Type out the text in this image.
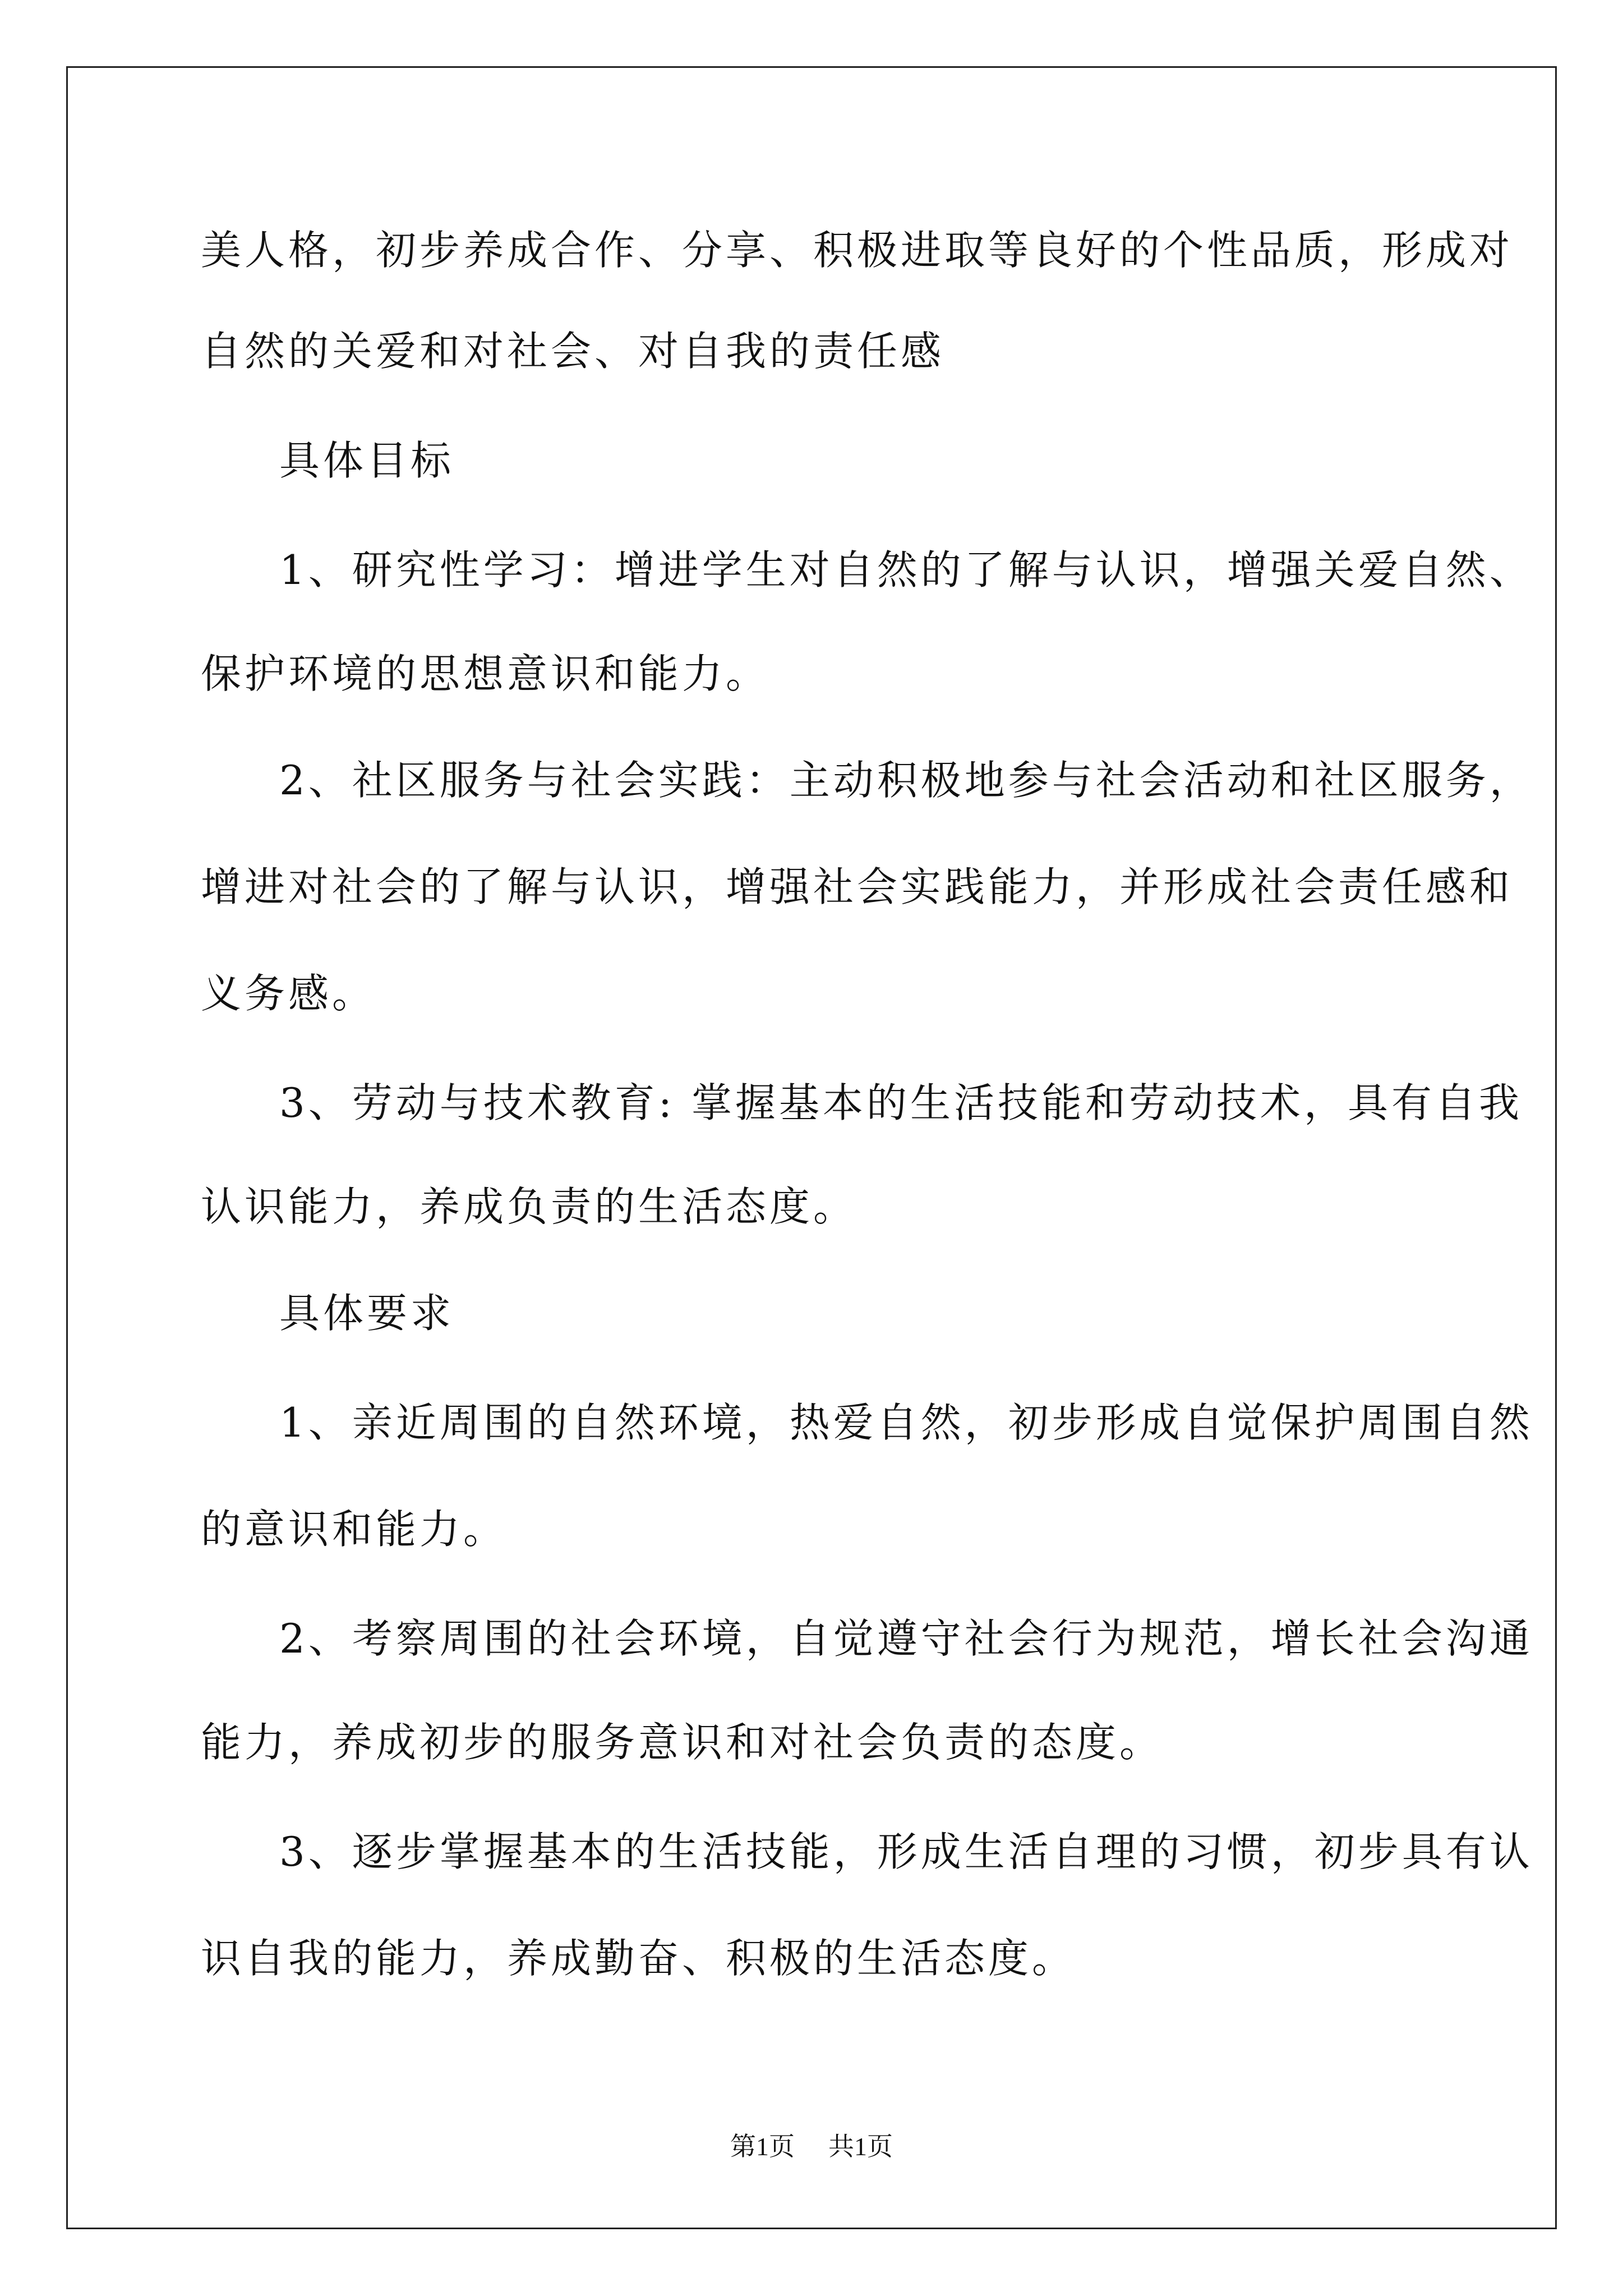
美人格，初步养成合作、分享、积极进取等良好的个性品质，形成对
自然的关爱和对社会、对自我的责任感
具体目标
1、研究性学习：增进学生对自然的了解与认识，增强关爱自然、
保护环境的思想意识和能力。
2、社区服务与社会实践：主动积极地参与社会活动和社区服务，
增进对社会的了解与认识，增强社会实践能力，并形成社会责任感和
义务感。
3、劳动与技术教育: 掌握基本的生活技能和劳动技术，具有自我
认识能力，养成负责的生活态度。
具体要求
1、亲近周围的自然环境，热爱自然，初步形成自觉保护周围自然
的意识和能力。
2、考察周围的社会环境，自觉遵守社会行为规范，增长社会沟通
能力，养成初步的服务意识和对社会负责的态度。
3、逐步掌握基本的生活技能，形成生活自理的习惯，初步具有认
识自我的能力，养成勤奋、积极的生活态度。
第1页 共1页
